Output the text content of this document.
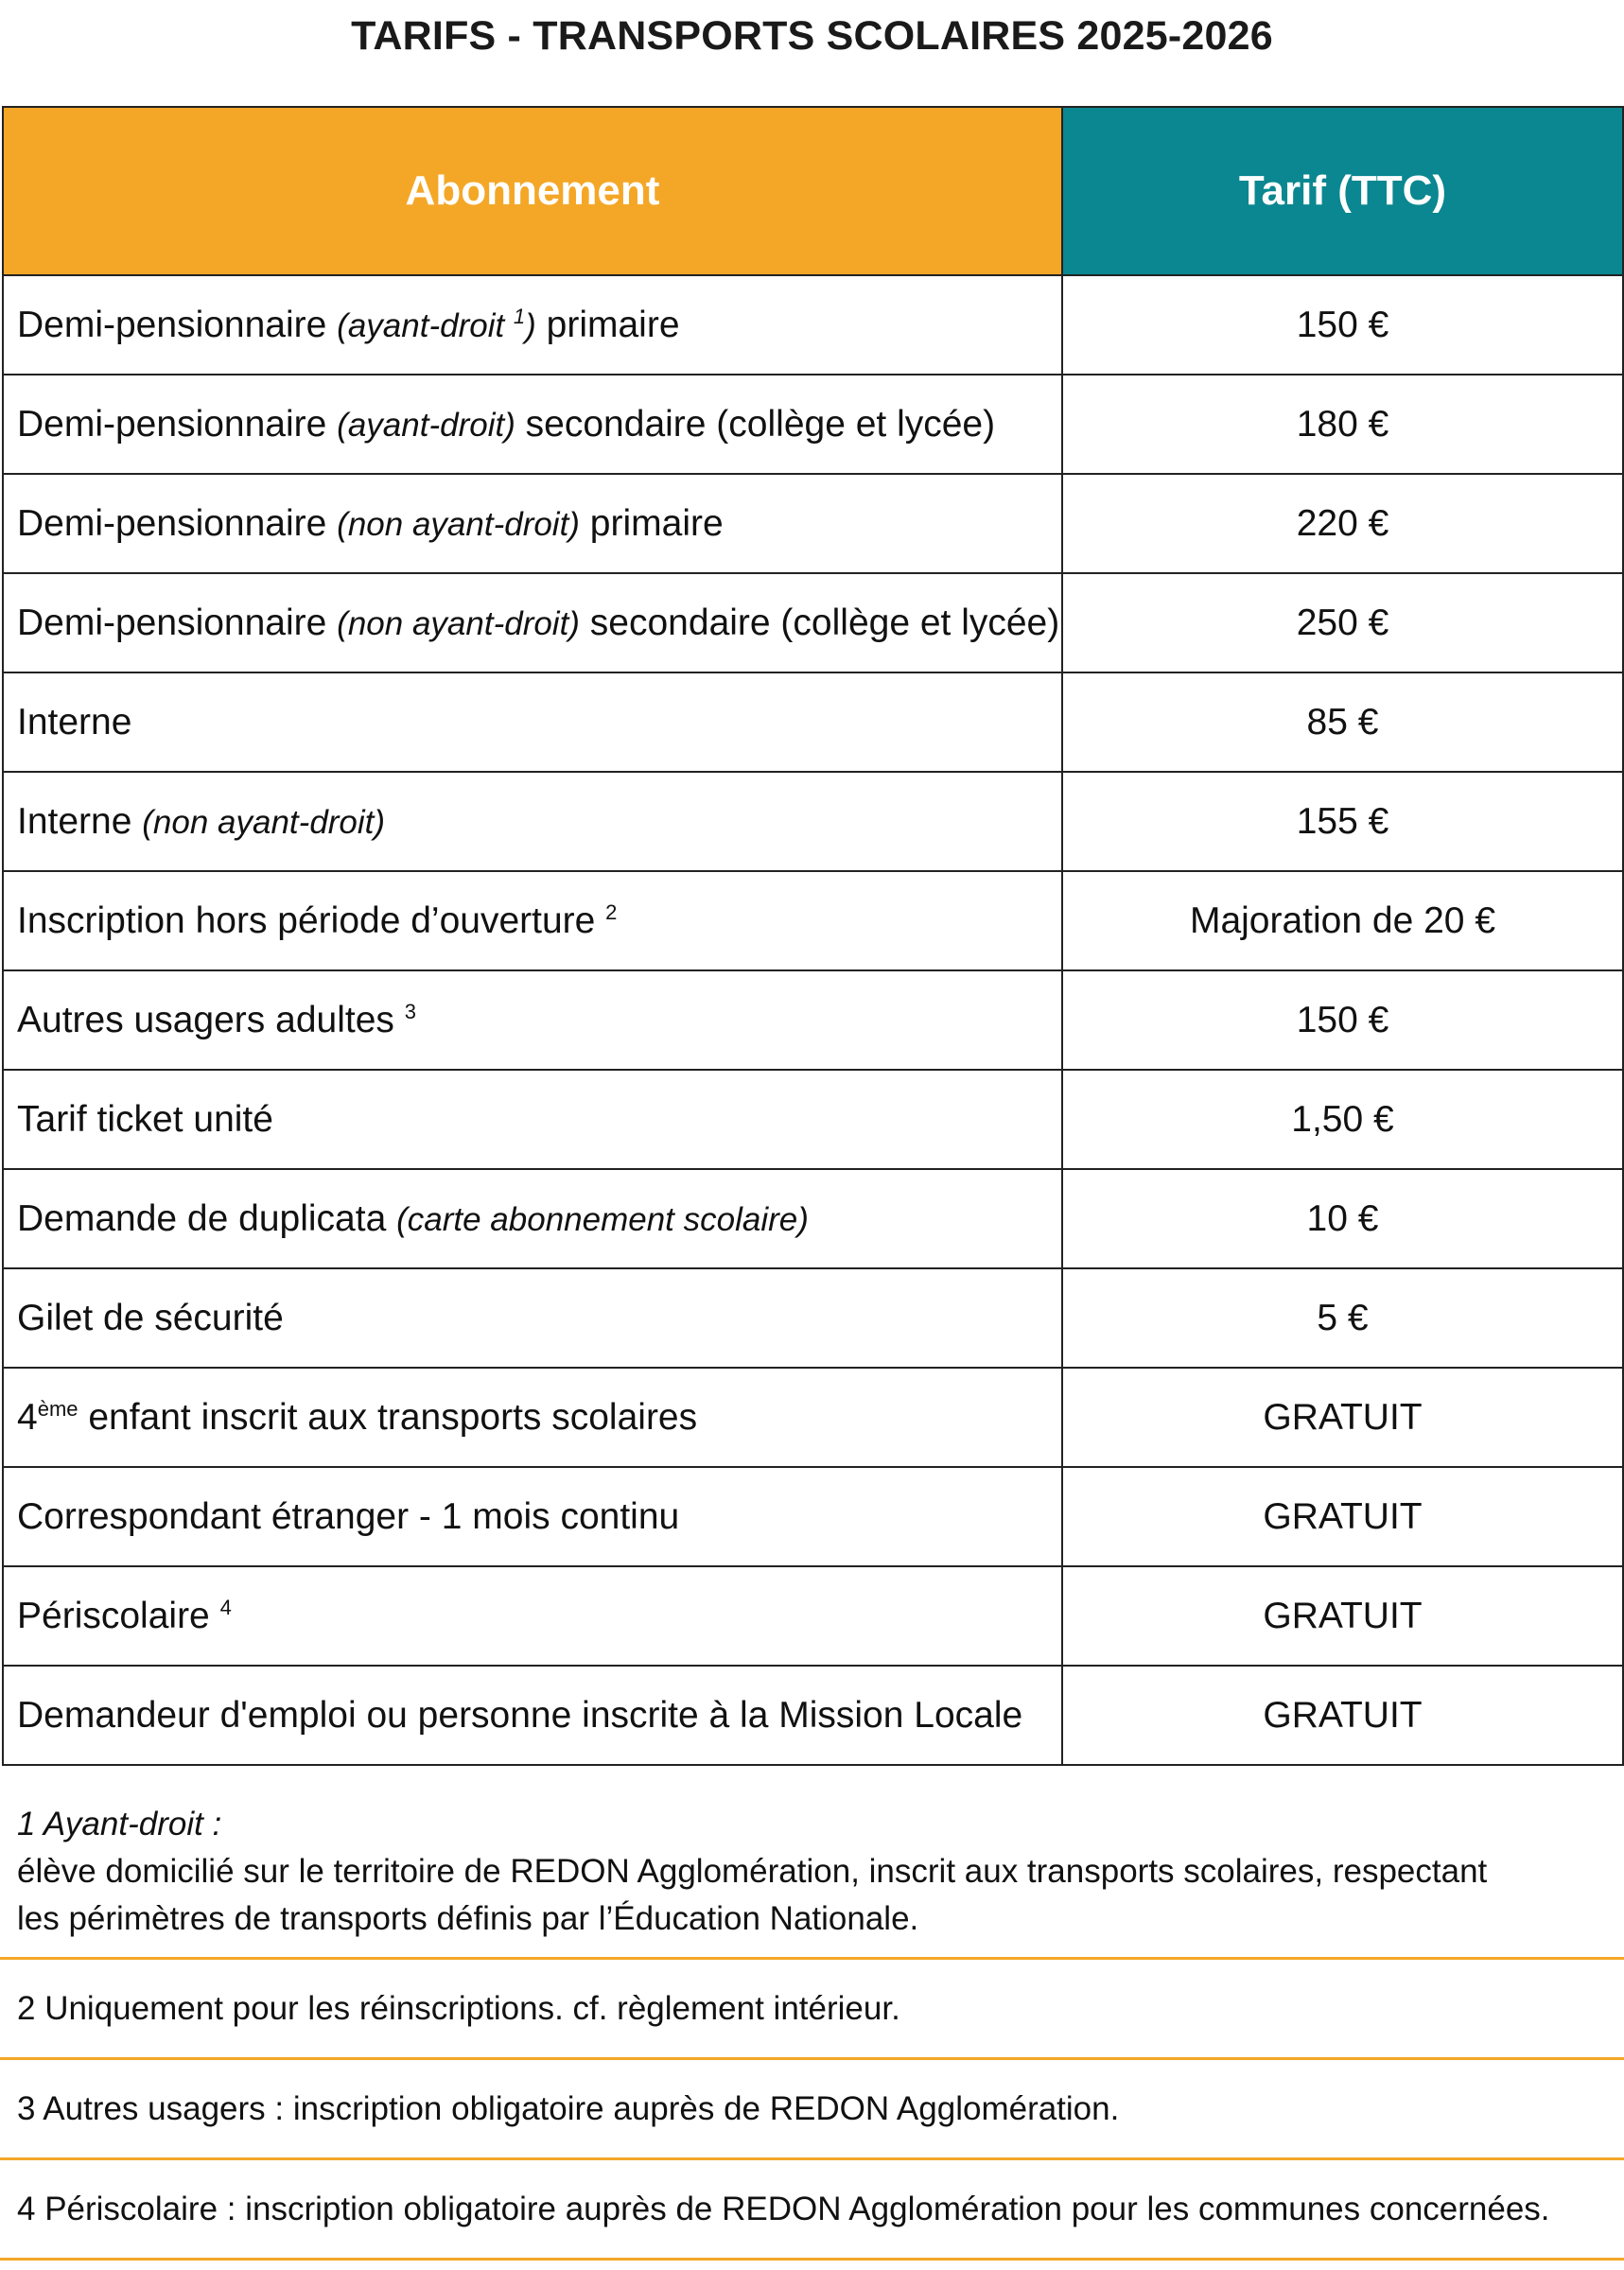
TARIFS - TRANSPORTS SCOLAIRES 2025-2026
Abonnement	Tarif (TTC)
Demi-pensionnaire (ayant-droit $^1$) primaire	150 €
Demi-pensionnaire (ayant-droit) secondaire (collège et lycée)	180 €
Demi-pensionnaire (non ayant-droit) primaire	220 €
Demi-pensionnaire (non ayant-droit) secondaire (collège et lycée)	250 €
Interne	85 €
Interne (non ayant-droit)	155 €
Inscription hors période d’ouverture $^2$	Majoration de 20 €
Autres usagers adultes $^3$	150 €
Tarif ticket unité	1,50 €
Demande de duplicata (carte abonnement scolaire)	10 €
Gilet de sécurité	5 €
4ème enfant inscrit aux transports scolaires	GRATUIT
Correspondant étranger - 1 mois continu	GRATUIT
Périscolaire $^4$	GRATUIT
Demandeur d'emploi ou personne inscrite à la Mission Locale	GRATUIT
1 Ayant-droit :
élève domicilié sur le territoire de REDON Agglomération, inscrit aux transports scolaires, respectant les périmètres de transports définis par l’Éducation Nationale.
2 Uniquement pour les réinscriptions. cf. règlement intérieur.
3 Autres usagers : inscription obligatoire auprès de REDON Agglomération.
4 Périscolaire : inscription obligatoire auprès de REDON Agglomération pour les communes concernées.
